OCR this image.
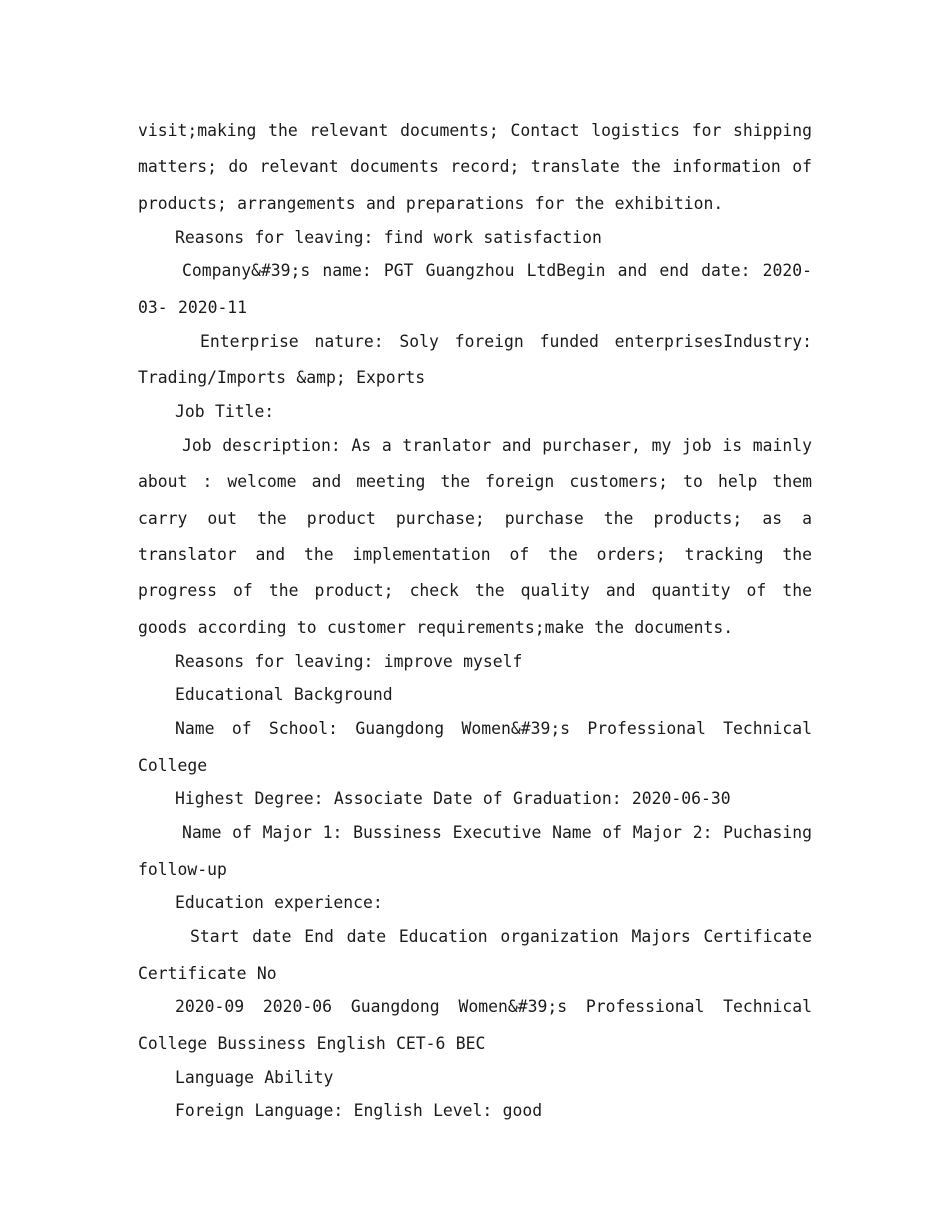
visit;making the relevant documents; Contact logistics for shipping matters; do relevant documents record; translate the information of products; arrangements and preparations for the exhibition.

Reasons for leaving: find work satisfaction

Company&#39;s name: PGT Guangzhou LtdBegin and end date: 2020-03- 2020-11

Enterprise nature: Soly foreign funded enterprisesIndustry: Trading/Imports &amp; Exports

Job Title:

Job description: As a tranlator and purchaser, my job is mainly about : welcome and meeting the foreign customers; to help them carry out the product purchase; purchase the products; as a translator and the implementation of the orders; tracking the progress of the product; check the quality and quantity of the goods according to customer requirements;make the documents.

Reasons for leaving: improve myself

Educational Background

Name of School: Guangdong Women&#39;s Professional Technical College

Highest Degree: Associate Date of Graduation: 2020-06-30

Name of Major 1: Bussiness Executive Name of Major 2: Puchasing follow-up

Education experience:

Start date End date Education organization Majors Certificate Certificate No

2020-09 2020-06 Guangdong Women&#39;s Professional Technical College Bussiness English CET-6 BEC

Language Ability

Foreign Language: English Level: good
